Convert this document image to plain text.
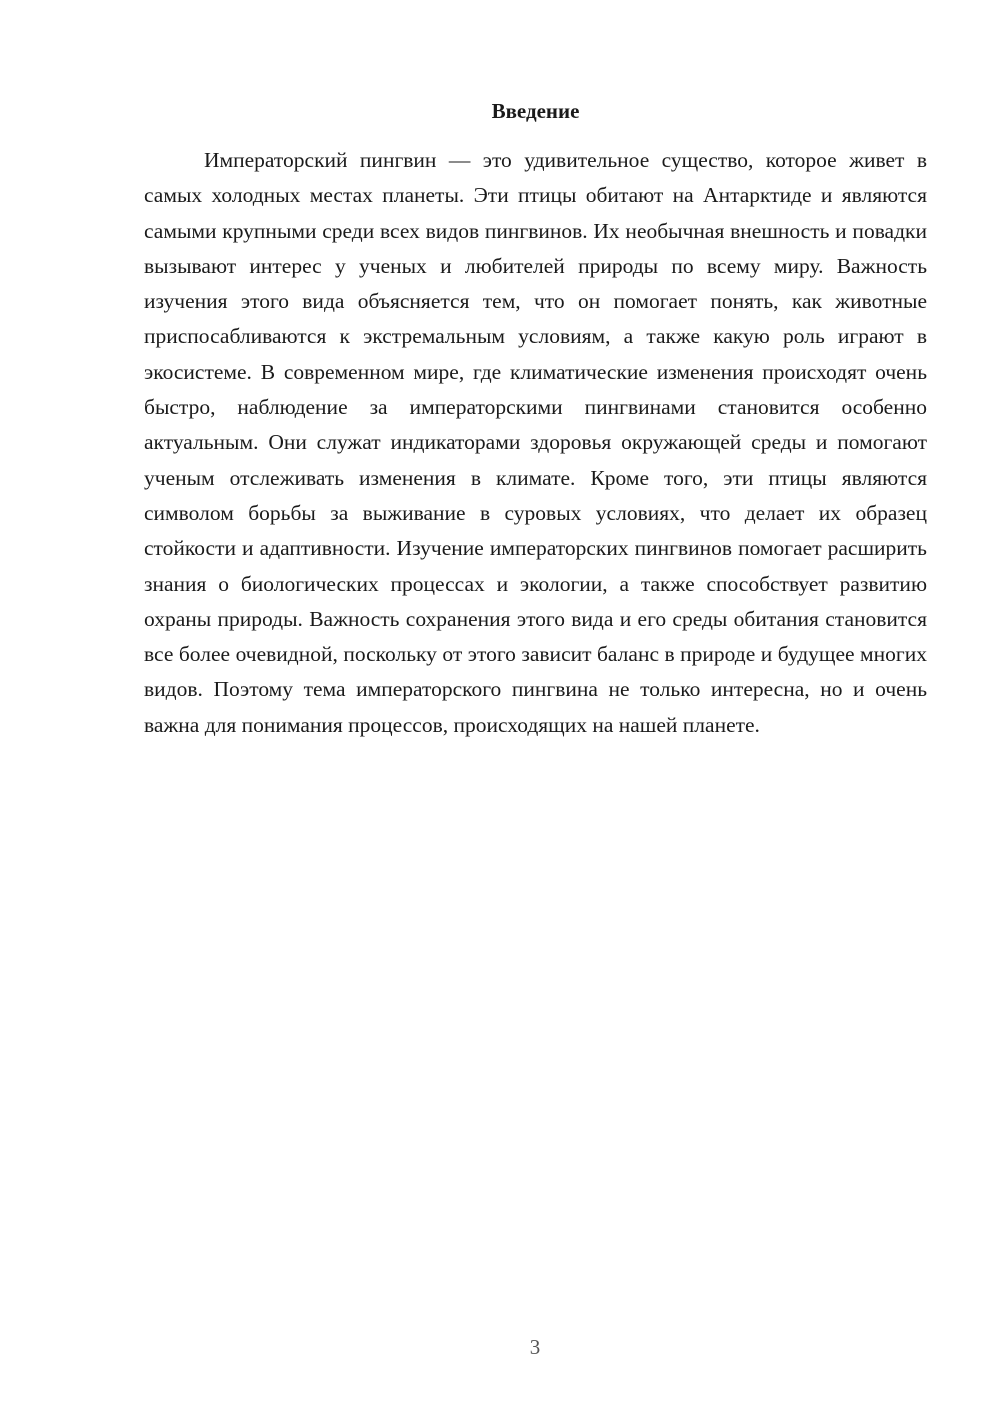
Введение

Императорский пингвин — это удивительное существо, которое живет в самых холодных местах планеты. Эти птицы обитают на Антарктиде и являются самыми крупными среди всех видов пингвинов. Их необычная внешность и повадки вызывают интерес у ученых и любителей природы по всему миру. Важность изучения этого вида объясняется тем, что он помогает понять, как животные приспосабливаются к экстремальным условиям, а также какую роль играют в экосистеме. В современном мире, где климатические изменения происходят очень быстро, наблюдение за императорскими пингвинами становится особенно актуальным. Они служат индикаторами здоровья окружающей среды и помогают ученым отслеживать изменения в климате. Кроме того, эти птицы являются символом борьбы за выживание в суровых условиях, что делает их образец стойкости и адаптивности. Изучение императорских пингвинов помогает расширить знания о биологических процессах и экологии, а также способствует развитию охраны природы. Важность сохранения этого вида и его среды обитания становится все более очевидной, поскольку от этого зависит баланс в природе и будущее многих видов. Поэтому тема императорского пингвина не только интересна, но и очень важна для понимания процессов, происходящих на нашей планете.

3
